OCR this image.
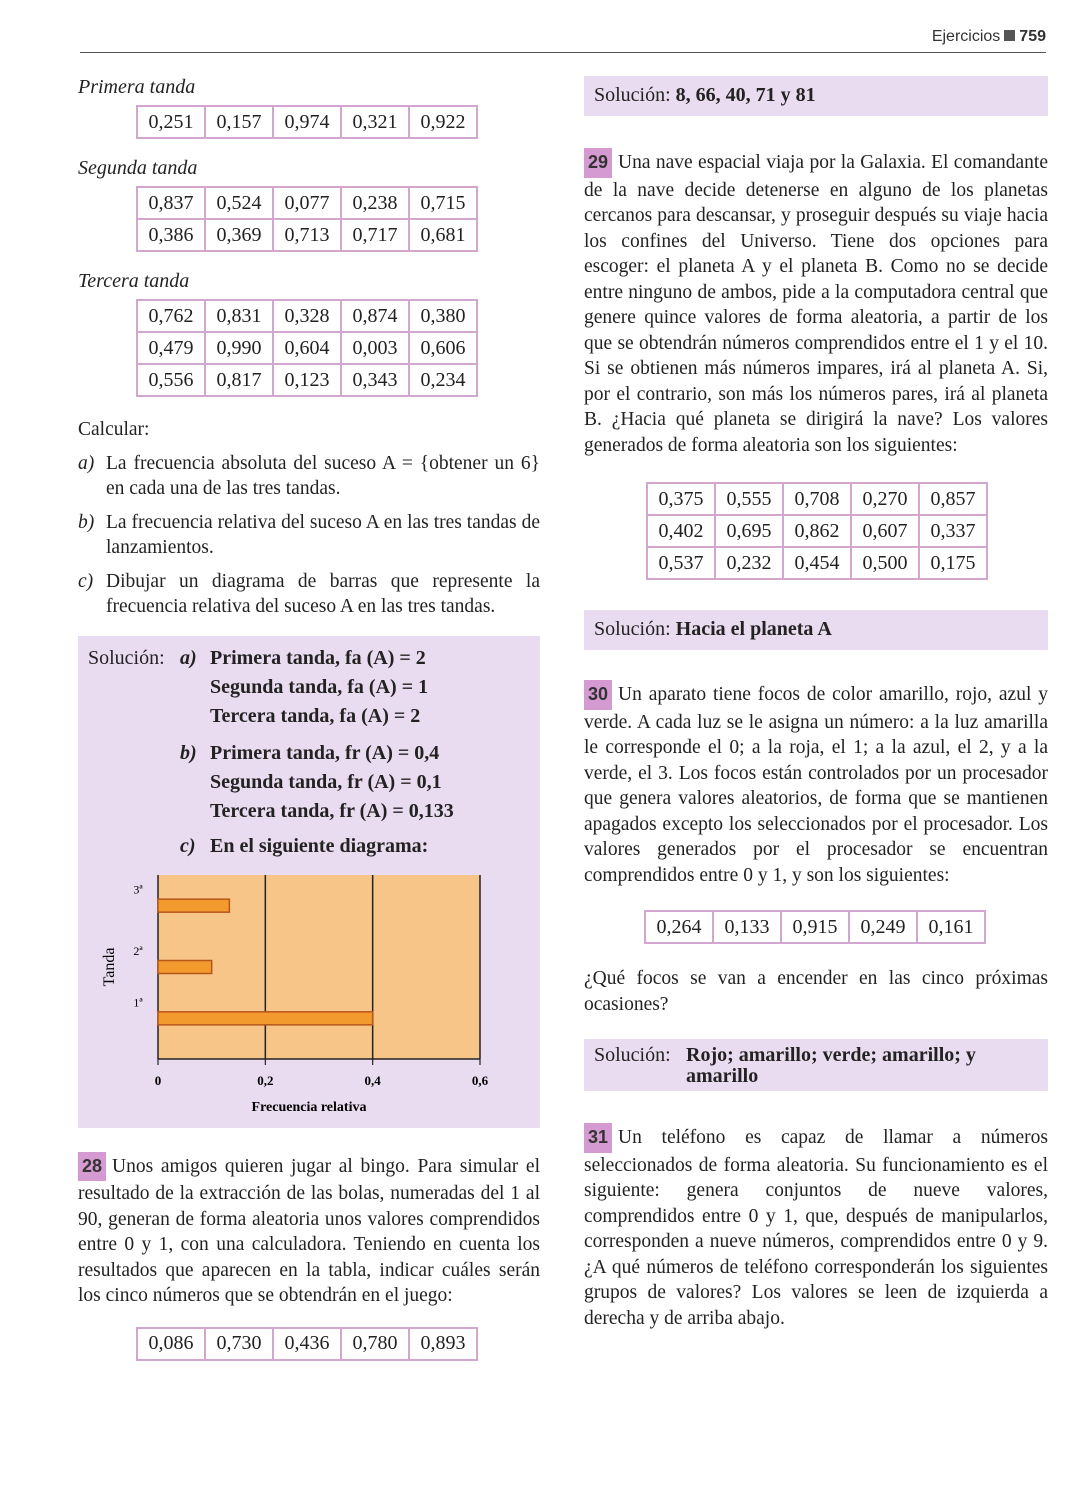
Ejercicios 759
Primera tanda
0,251	0,157	0,974	0,321	0,922
Segunda tanda
0,837	0,524	0,077	0,238	0,715
0,386	0,369	0,713	0,717	0,681
Tercera tanda
0,762	0,831	0,328	0,874	0,380
0,479	0,990	0,604	0,003	0,606
0,556	0,817	0,123	0,343	0,234
Calcular:
a) La frecuencia absoluta del suceso A = {obtener un 6} en cada una de las tres tandas.
b) La frecuencia relativa del suceso A en las tres tandas de lanzamientos.
c) Dibujar un diagrama de barras que represente la frecuencia relativa del suceso A en las tres tandas.
Solución: a) Primera tanda, fa (A) = 2
Segunda tanda, fa (A) = 1
Tercera tanda, fa (A) = 2
b) Primera tanda, fr (A) = 0,4
Segunda tanda, fr (A) = 0,1
Tercera tanda, fr (A) = 0,133
c) En el siguiente diagrama:
1ª
2ª
3ª
0	0,2	0,4	0,6
Frecuencia relativa
Tanda
28 Unos amigos quieren jugar al bingo. Para simular el resultado de la extracción de las bolas, numeradas del 1 al 90, generan de forma aleatoria unos valores comprendidos entre 0 y 1, con una calculadora. Teniendo en cuenta los resultados que aparecen en la tabla, indicar cuáles serán los cinco números que se obtendrán en el juego:
0,086	0,730	0,436	0,780	0,893
Solución: 8, 66, 40, 71 y 81
29 Una nave espacial viaja por la Galaxia. El comandante de la nave decide detenerse en alguno de los planetas cercanos para descansar, y proseguir después su viaje hacia los confines del Universo. Tiene dos opciones para escoger: el planeta A y el planeta B. Como no se decide entre ninguno de ambos, pide a la computadora central que genere quince valores de forma aleatoria, a partir de los que se obtendrán números comprendidos entre el 1 y el 10. Si se obtienen más números impares, irá al planeta A. Si, por el contrario, son más los números pares, irá al planeta B. ¿Hacia qué planeta se dirigirá la nave? Los valores generados de forma aleatoria son los siguientes:
0,375	0,555	0,708	0,270	0,857
0,402	0,695	0,862	0,607	0,337
0,537	0,232	0,454	0,500	0,175
Solución: Hacia el planeta A
30 Un aparato tiene focos de color amarillo, rojo, azul y verde. A cada luz se le asigna un número: a la luz amarilla le corresponde el 0; a la roja, el 1; a la azul, el 2, y a la verde, el 3. Los focos están controlados por un procesador que genera valores aleatorios, de forma que se mantienen apagados excepto los seleccionados por el procesador. Los valores generados por el procesador se encuentran comprendidos entre 0 y 1, y son los siguientes:
0,264	0,133	0,915	0,249	0,161
¿Qué focos se van a encender en las cinco próximas ocasiones?
Solución: Rojo; amarillo; verde; amarillo; y amarillo
31 Un teléfono es capaz de llamar a números seleccionados de forma aleatoria. Su funcionamiento es el siguiente: genera conjuntos de nueve valores, comprendidos entre 0 y 1, que, después de manipularlos, corresponden a nueve números, comprendidos entre 0 y 9. ¿A qué números de teléfono corresponderán los siguientes grupos de valores? Los valores se leen de izquierda a derecha y de arriba abajo.
